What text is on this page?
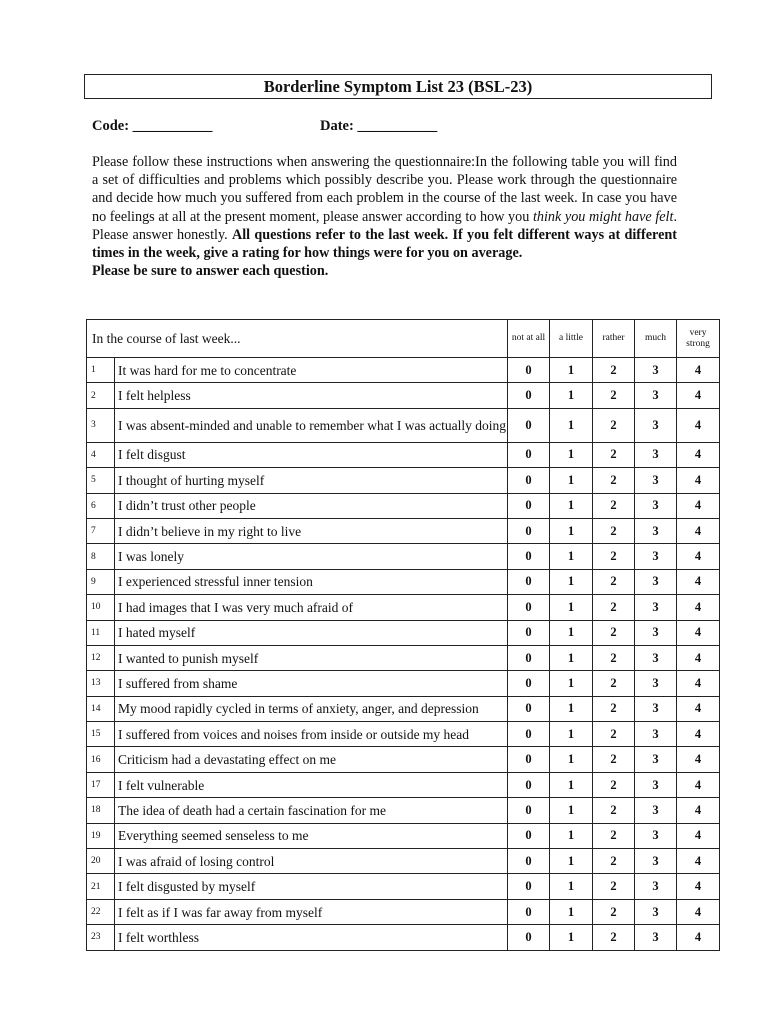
Borderline Symptom List 23 (BSL-23)
Code: ___________	Date: ___________

Please follow these instructions when answering the questionnaire:In the following table you will find a set of difficulties and problems which possibly describe you. Please work through the questionnaire and decide how much you suffered from each problem in the course of the last week. In case you have no feelings at all at the present moment, please answer according to how you think you might have felt. Please answer honestly. All questions refer to the last week. If you felt different ways at different times in the week, give a rating for how things were for you on average.

Please be sure to answer each question.

In the course of last week...		not at all	a little	rather	much	very strong
1	It was hard for me to concentrate	0	1	2	3	4
2	I felt helpless	0	1	2	3	4
3	I was absent-minded and unable to remember what I was actually doing	0	1	2	3	4
4	I felt disgust	0	1	2	3	4
5	I thought of hurting myself	0	1	2	3	4
6	I didn’t trust other people	0	1	2	3	4
7	I didn’t believe in my right to live	0	1	2	3	4
8	I was lonely	0	1	2	3	4
9	I experienced stressful inner tension	0	1	2	3	4
10	I had images that I was very much afraid of	0	1	2	3	4
11	I hated myself	0	1	2	3	4
12	I wanted to punish myself	0	1	2	3	4
13	I suffered from shame	0	1	2	3	4
14	My mood rapidly cycled in terms of anxiety, anger, and depression	0	1	2	3	4
15	I suffered from voices and noises from inside or outside my head	0	1	2	3	4
16	Criticism had a devastating effect on me	0	1	2	3	4
17	I felt vulnerable	0	1	2	3	4
18	The idea of death had a certain fascination for me	0	1	2	3	4
19	Everything seemed senseless to me	0	1	2	3	4
20	I was afraid of losing control	0	1	2	3	4
21	I felt disgusted by myself	0	1	2	3	4
22	I felt as if I was far away from myself	0	1	2	3	4
23	I felt worthless	0	1	2	3	4
